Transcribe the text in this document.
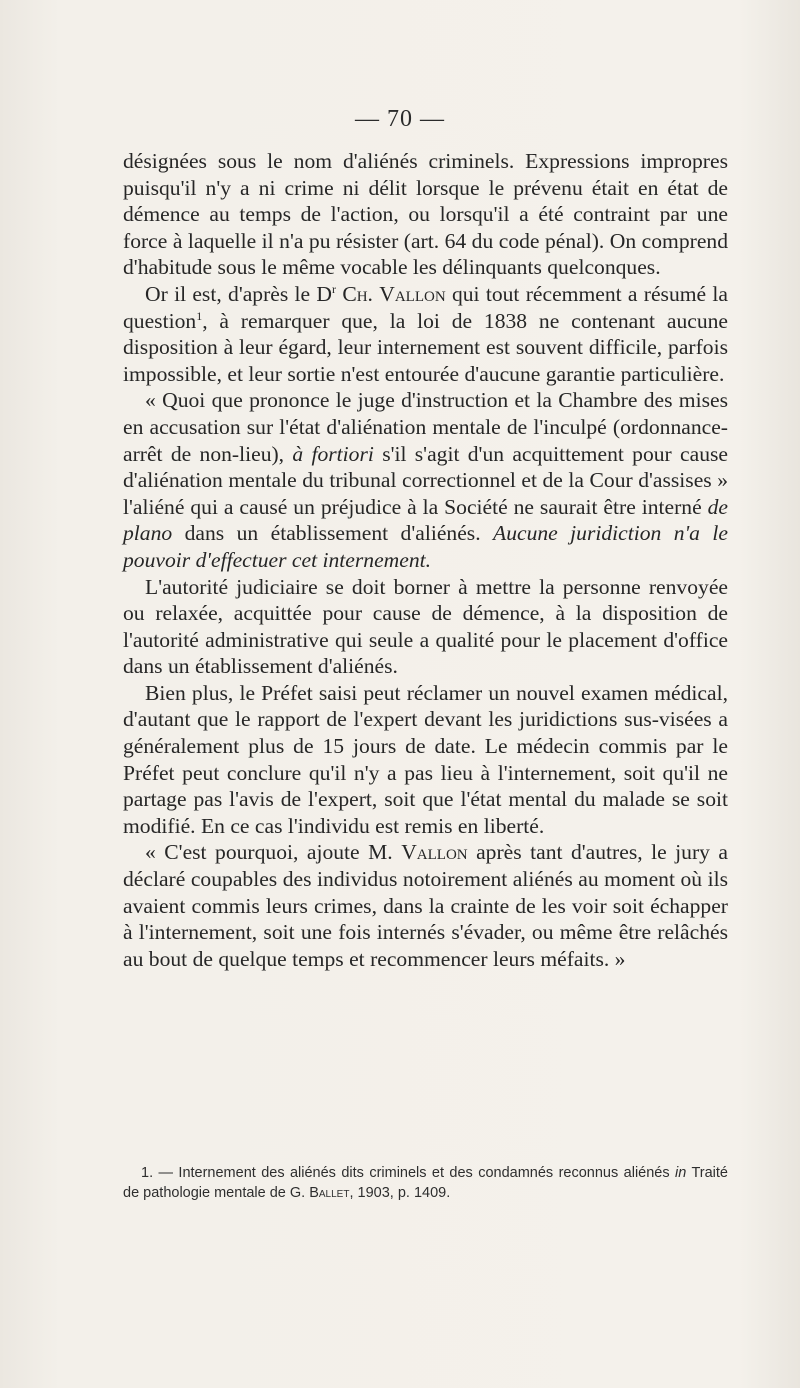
— 70 —

désignées sous le nom d'aliénés criminels. Expressions impropres puisqu'il n'y a ni crime ni délit lorsque le prévenu était en état de démence au temps de l'action, ou lorsqu'il a été contraint par une force à laquelle il n'a pu résister (art. 64 du code pénal). On comprend d'habitude sous le même vocable les délinquants quelconques.

Or il est, d'après le $D^r$ Ch. Vallon qui tout récemment a résumé la question$^1$, à remarquer que, la loi de 1838 ne contenant aucune disposition à leur égard, leur internement est souvent difficile, parfois impossible, et leur sortie n'est entourée d'aucune garantie particulière.

« Quoi que prononce le juge d'instruction et la Chambre des mises en accusation sur l'état d'aliénation mentale de l'inculpé (ordonnance-arrêt de non-lieu), à fortiori s'il s'agit d'un acquittement pour cause d'aliénation mentale du tribunal correctionnel et de la Cour d'assises » l'aliéné qui a causé un préjudice à la Société ne saurait être interné de plano dans un établissement d'aliénés. Aucune juridiction n'a le pouvoir d'effectuer cet internement.

L'autorité judiciaire se doit borner à mettre la personne renvoyée ou relaxée, acquittée pour cause de démence, à la disposition de l'autorité administrative qui seule a qualité pour le placement d'office dans un établissement d'aliénés.

Bien plus, le Préfet saisi peut réclamer un nouvel examen médical, d'autant que le rapport de l'expert devant les juridictions sus-visées a généralement plus de 15 jours de date. Le médecin commis par le Préfet peut conclure qu'il n'y a pas lieu à l'internement, soit qu'il ne partage pas l'avis de l'expert, soit que l'état mental du malade se soit modifié. En ce cas l'individu est remis en liberté.

« C'est pourquoi, ajoute M. Vallon après tant d'autres, le jury a déclaré coupables des individus notoirement aliénés au moment où ils avaient commis leurs crimes, dans la crainte de les voir soit échapper à l'internement, soit une fois internés s'évader, ou même être relâchés au bout de quelque temps et recommencer leurs méfaits. »

1. — Internement des aliénés dits criminels et des condamnés reconnus aliénés in Traité de pathologie mentale de G. Ballet, 1903, p. 1409.
